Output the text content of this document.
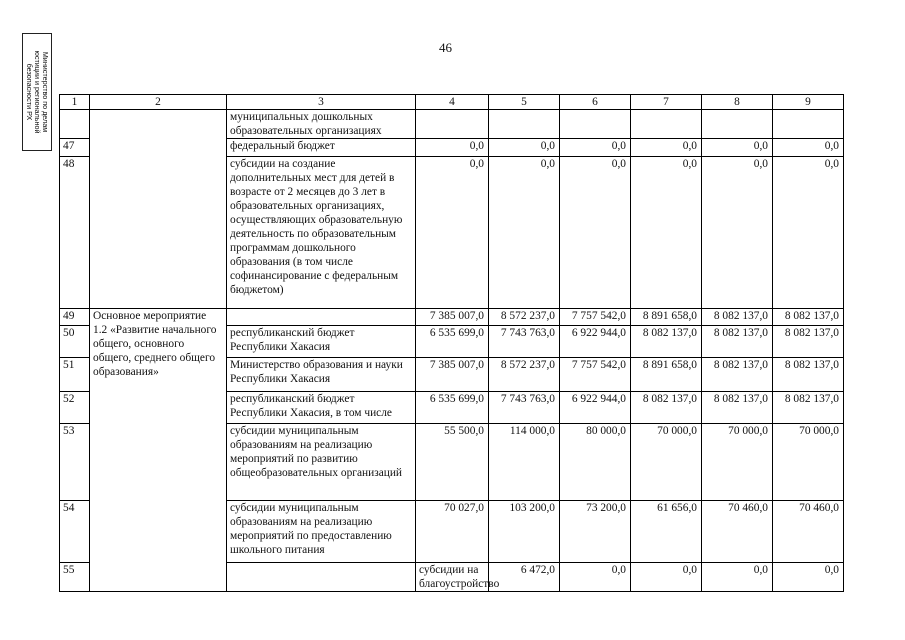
Министерство по делам
юстиции и региональной
безопасности РХ
46
1	2	3	4	5	6	7	8	9	
		муниципальных дошкольных образовательных организациях							
47		федеральный бюджет	0,0	0,0	0,0	0,0	0,0	0,0	
48		субсидии на создание дополнительных мест для детей в возрасте от 2 месяцев до 3 лет в образовательных организациях, осуществляющих образовательную деятельность по образовательным программам дошкольного образования (в том числе софинансирование с федеральным бюджетом)	0,0	0,0	0,0	0,0	0,0	0,0	
49	Основное мероприятие 1.2 «Развитие начального общего, основного общего, среднего общего образования»		7 385 007,0	8 572 237,0	7 757 542,0	8 891 658,0	8 082 137,0	8 082 137,0	
50		республиканский бюджет Республики Хакасия	6 535 699,0	7 743 763,0	6 922 944,0	8 082 137,0	8 082 137,0	8 082 137,0	
51		Министерство образования и науки Республики Хакасия	7 385 007,0	8 572 237,0	7 757 542,0	8 891 658,0	8 082 137,0	8 082 137,0	
52		республиканский бюджет Республики Хакасия, в том числе	6 535 699,0	7 743 763,0	6 922 944,0	8 082 137,0	8 082 137,0	8 082 137,0	
53		субсидии муниципальным образованиям на реализацию мероприятий по развитию общеобразовательных организаций	55 500,0	114 000,0	80 000,0	70 000,0	70 000,0	70 000,0	
54		субсидии муниципальным образованиям на реализацию мероприятий по предоставлению школьного питания	70 027,0	103 200,0	73 200,0	61 656,0	70 460,0	70 460,0	
55			субсидии на благоустройство	6 472,0	0,0	0,0	0,0	0,0	
